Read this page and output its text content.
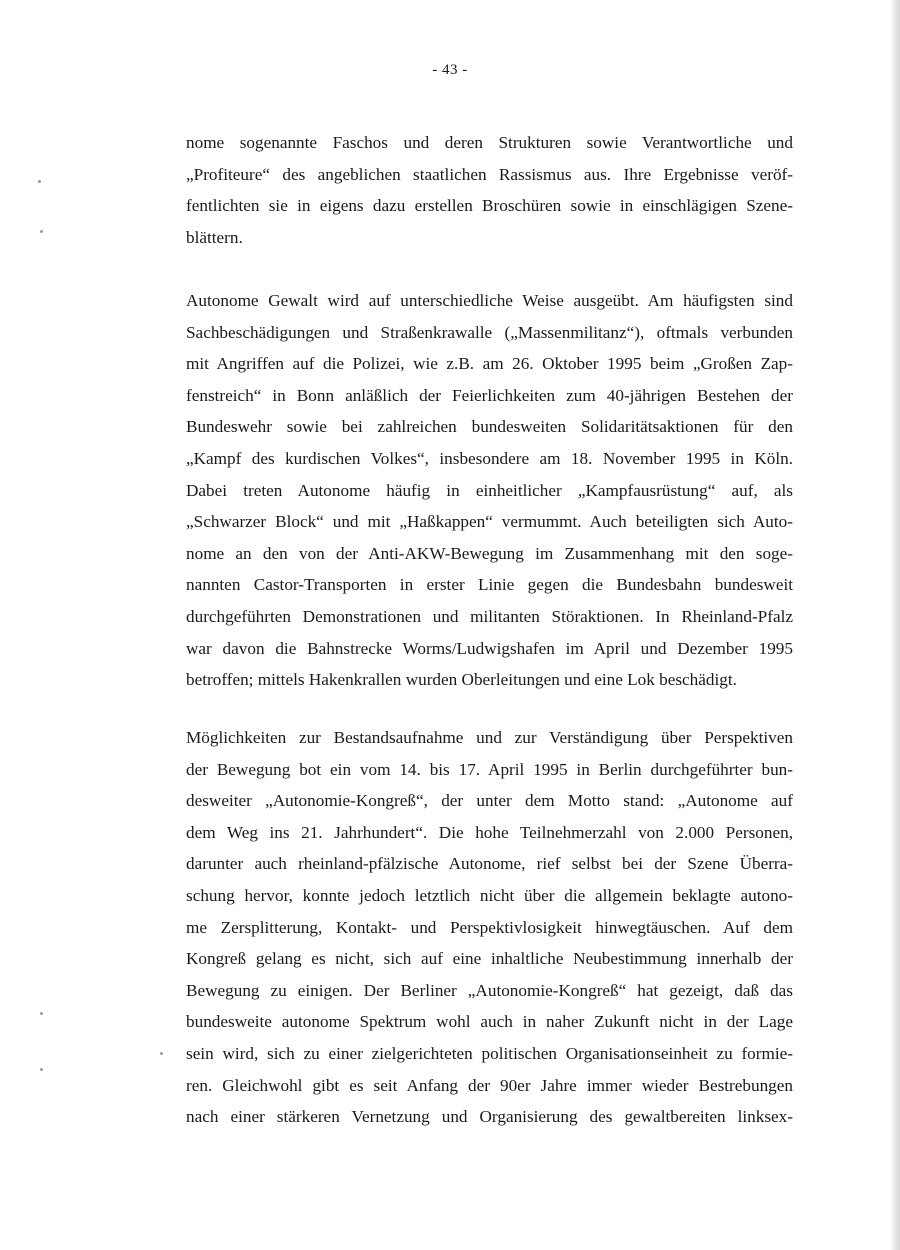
- 43 -

nome sogenannte Faschos und deren Strukturen sowie Verantwortliche und
„Profiteure“ des angeblichen staatlichen Rassismus aus. Ihre Ergebnisse veröf-
fentlichten sie in eigens dazu erstellen Broschüren sowie in einschlägigen Szene-
blättern.

Autonome Gewalt wird auf unterschiedliche Weise ausgeübt. Am häufigsten sind
Sachbeschädigungen und Straßenkrawalle („Massenmilitanz“), oftmals verbunden
mit Angriffen auf die Polizei, wie z.B. am 26. Oktober 1995 beim „Großen Zap-
fenstreich“ in Bonn anläßlich der Feierlichkeiten zum 40-jährigen Bestehen der
Bundeswehr sowie bei zahlreichen bundesweiten Solidaritätsaktionen für den
„Kampf des kurdischen Volkes“, insbesondere am 18. November 1995 in Köln.
Dabei treten Autonome häufig in einheitlicher „Kampfausrüstung“ auf, als
„Schwarzer Block“ und mit „Haßkappen“ vermummt. Auch beteiligten sich Auto-
nome an den von der Anti-AKW-Bewegung im Zusammenhang mit den soge-
nannten Castor-Transporten in erster Linie gegen die Bundesbahn bundesweit
durchgeführten Demonstrationen und militanten Störaktionen. In Rheinland-Pfalz
war davon die Bahnstrecke Worms/Ludwigshafen im April und Dezember 1995
betroffen; mittels Hakenkrallen wurden Oberleitungen und eine Lok beschädigt.

Möglichkeiten zur Bestandsaufnahme und zur Verständigung über Perspektiven
der Bewegung bot ein vom 14. bis 17. April 1995 in Berlin durchgeführter bun-
desweiter „Autonomie-Kongreß“, der unter dem Motto stand: „Autonome auf
dem Weg ins 21. Jahrhundert“. Die hohe Teilnehmerzahl von 2.000 Personen,
darunter auch rheinland-pfälzische Autonome, rief selbst bei der Szene Überra-
schung hervor, konnte jedoch letztlich nicht über die allgemein beklagte autono-
me Zersplitterung, Kontakt- und Perspektivlosigkeit hinwegtäuschen. Auf dem
Kongreß gelang es nicht, sich auf eine inhaltliche Neubestimmung innerhalb der
Bewegung zu einigen. Der Berliner „Autonomie-Kongreß“ hat gezeigt, daß das
bundesweite autonome Spektrum wohl auch in naher Zukunft nicht in der Lage
sein wird, sich zu einer zielgerichteten politischen Organisationseinheit zu formie-
ren. Gleichwohl gibt es seit Anfang der 90er Jahre immer wieder Bestrebungen
nach einer stärkeren Vernetzung und Organisierung des gewaltbereiten linksex-
